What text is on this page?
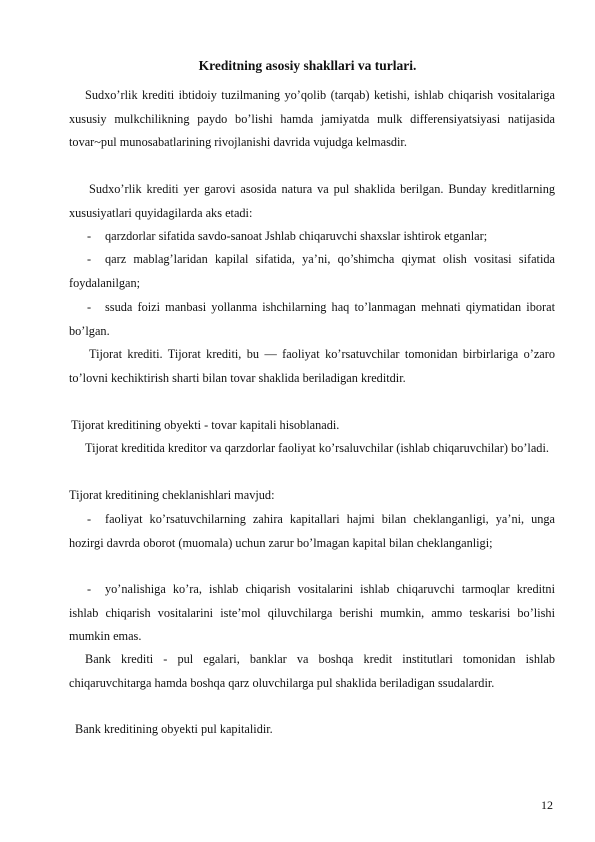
Kreditning asosiy shakllari va turlari.

Sudxo’rlik krediti ibtidoiy tuzilmaning yo’qolib (tarqab) ketishi, ishlab chiqarish vositalariga xususiy mulkchilikning paydo bo’lishi hamda jamiyatda mulk differensiyatsiyasi natijasida tovar~pul munosabatlarining rivojlanishi davrida vujudga kelmasdir.

Sudxo’rlik krediti yer garovi asosida natura va pul shaklida berilgan. Bunday kreditlarning xususiyatlari quyidagilarda aks etadi:

- qarzdorlar sifatida savdo-sanoat Jshlab chiqaruvchi shaxslar ishtirok etganlar;
- qarz mablag’laridan kapilal sifatida, ya’ni, qo’shimcha qiymat olish vositasi sifatida foydalanilgan;
- ssuda foizi manbasi yollanma ishchilarning haq to’lanmagan mehnati qiymatidan iborat bo’lgan.

Tijorat krediti. Tijorat krediti, bu — faoliyat ko’rsatuvchilar tomonidan birbirlariga o’zaro to’lovni kechiktirish sharti bilan tovar shaklida beriladigan kreditdir.

Tijorat kreditining obyekti - tovar kapitali hisoblanadi.

Tijorat kreditida kreditor va qarzdorlar faoliyat ko’rsaluvchilar (ishlab chiqaruvchilar) bo’ladi.

Tijorat kreditining cheklanishlari mavjud:

- faoliyat ko’rsatuvchilarning zahira kapitallari hajmi bilan cheklanganligi, ya’ni, unga hozirgi davrda oborot (muomala) uchun zarur bo’lmagan kapital bilan cheklanganligi;
- yo’nalishiga ko’ra, ishlab chiqarish vositalarini ishlab chiqaruvchi tarmoqlar kreditni ishlab chiqarish vositalarini iste’mol qiluvchilarga berishi mumkin, ammo teskarisi bo’lishi mumkin emas.

Bank krediti - pul egalari, banklar va boshqa kredit institutlari tomonidan ishlab chiqaruvchitarga hamda boshqa qarz oluvchilarga pul shaklida beriladigan ssudalardir.

Bank kreditining obyekti pul kapitalidir.

12
